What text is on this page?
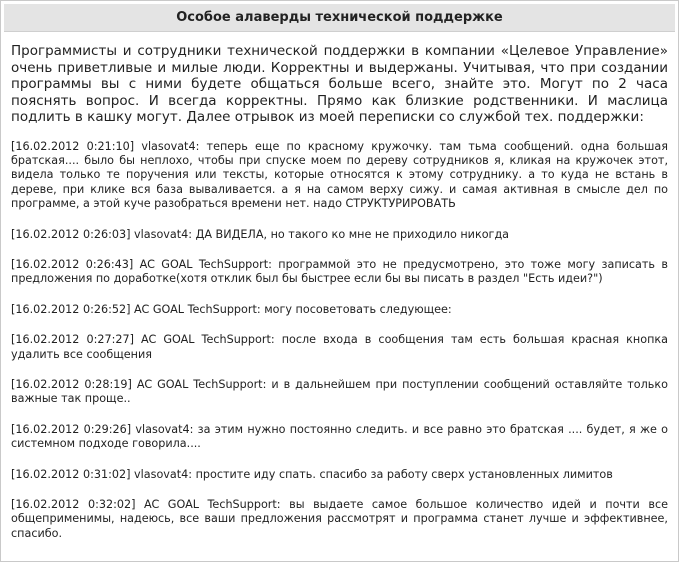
Особое алаверды технической поддержке

Программисты и сотрудники технической поддержки в компании «Целевое Управление» очень приветливые и милые люди. Корректны и выдержаны. Учитывая, что при создании программы вы с ними будете общаться больше всего, знайте это. Могут по 2 часа пояснять вопрос. И всегда корректны. Прямо как близкие родственники. И маслица подлить в кашку могут. Далее отрывок из моей переписки со службой тех. поддержки:

[16.02.2012 0:21:10] vlasovat4: теперь еще по красному кружочку. там тьма сообщений. одна большая братская.... было бы неплохо, чтобы при спуске моем по дереву сотрудников я, кликая на кружочек этот, видела только те поручения или тексты, которые относятся к этому сотруднику. а то куда не встань в дереве, при клике вся база вываливается. а я на самом верху сижу. и самая активная в смысле дел по программе, а этой куче разобраться времени нет. надо СТРУКТУРИРОВАТЬ

[16.02.2012 0:26:03] vlasovat4: ДА ВИДЕЛА, но такого ко мне не приходило никогда

[16.02.2012 0:26:43] AC GOAL TechSupport: программой это не предусмотрено, это тоже могу записать в предложения по доработке(хотя отклик был бы быстрее если бы вы писать в раздел "Есть идеи?")

[16.02.2012 0:26:52] AC GOAL TechSupport: могу посоветовать следующее:

[16.02.2012 0:27:27] AC GOAL TechSupport: после входа в сообщения там есть большая красная кнопка удалить все сообщения

[16.02.2012 0:28:19] AC GOAL TechSupport: и в дальнейшем при поступлении сообщений оставляйте только важные так проще..

[16.02.2012 0:29:26] vlasovat4: за этим нужно постоянно следить. и все равно это братская .... будет, я же о системном подходе говорила....

[16.02.2012 0:31:02] vlasovat4: простите иду спать. спасибо за работу сверх установленных лимитов

[16.02.2012 0:32:02] AC GOAL TechSupport: вы выдаете самое большое количество идей и почти все общеприменимы, надеюсь, все ваши предложения рассмотрят и программа станет лучше и эффективнее, спасибо.
